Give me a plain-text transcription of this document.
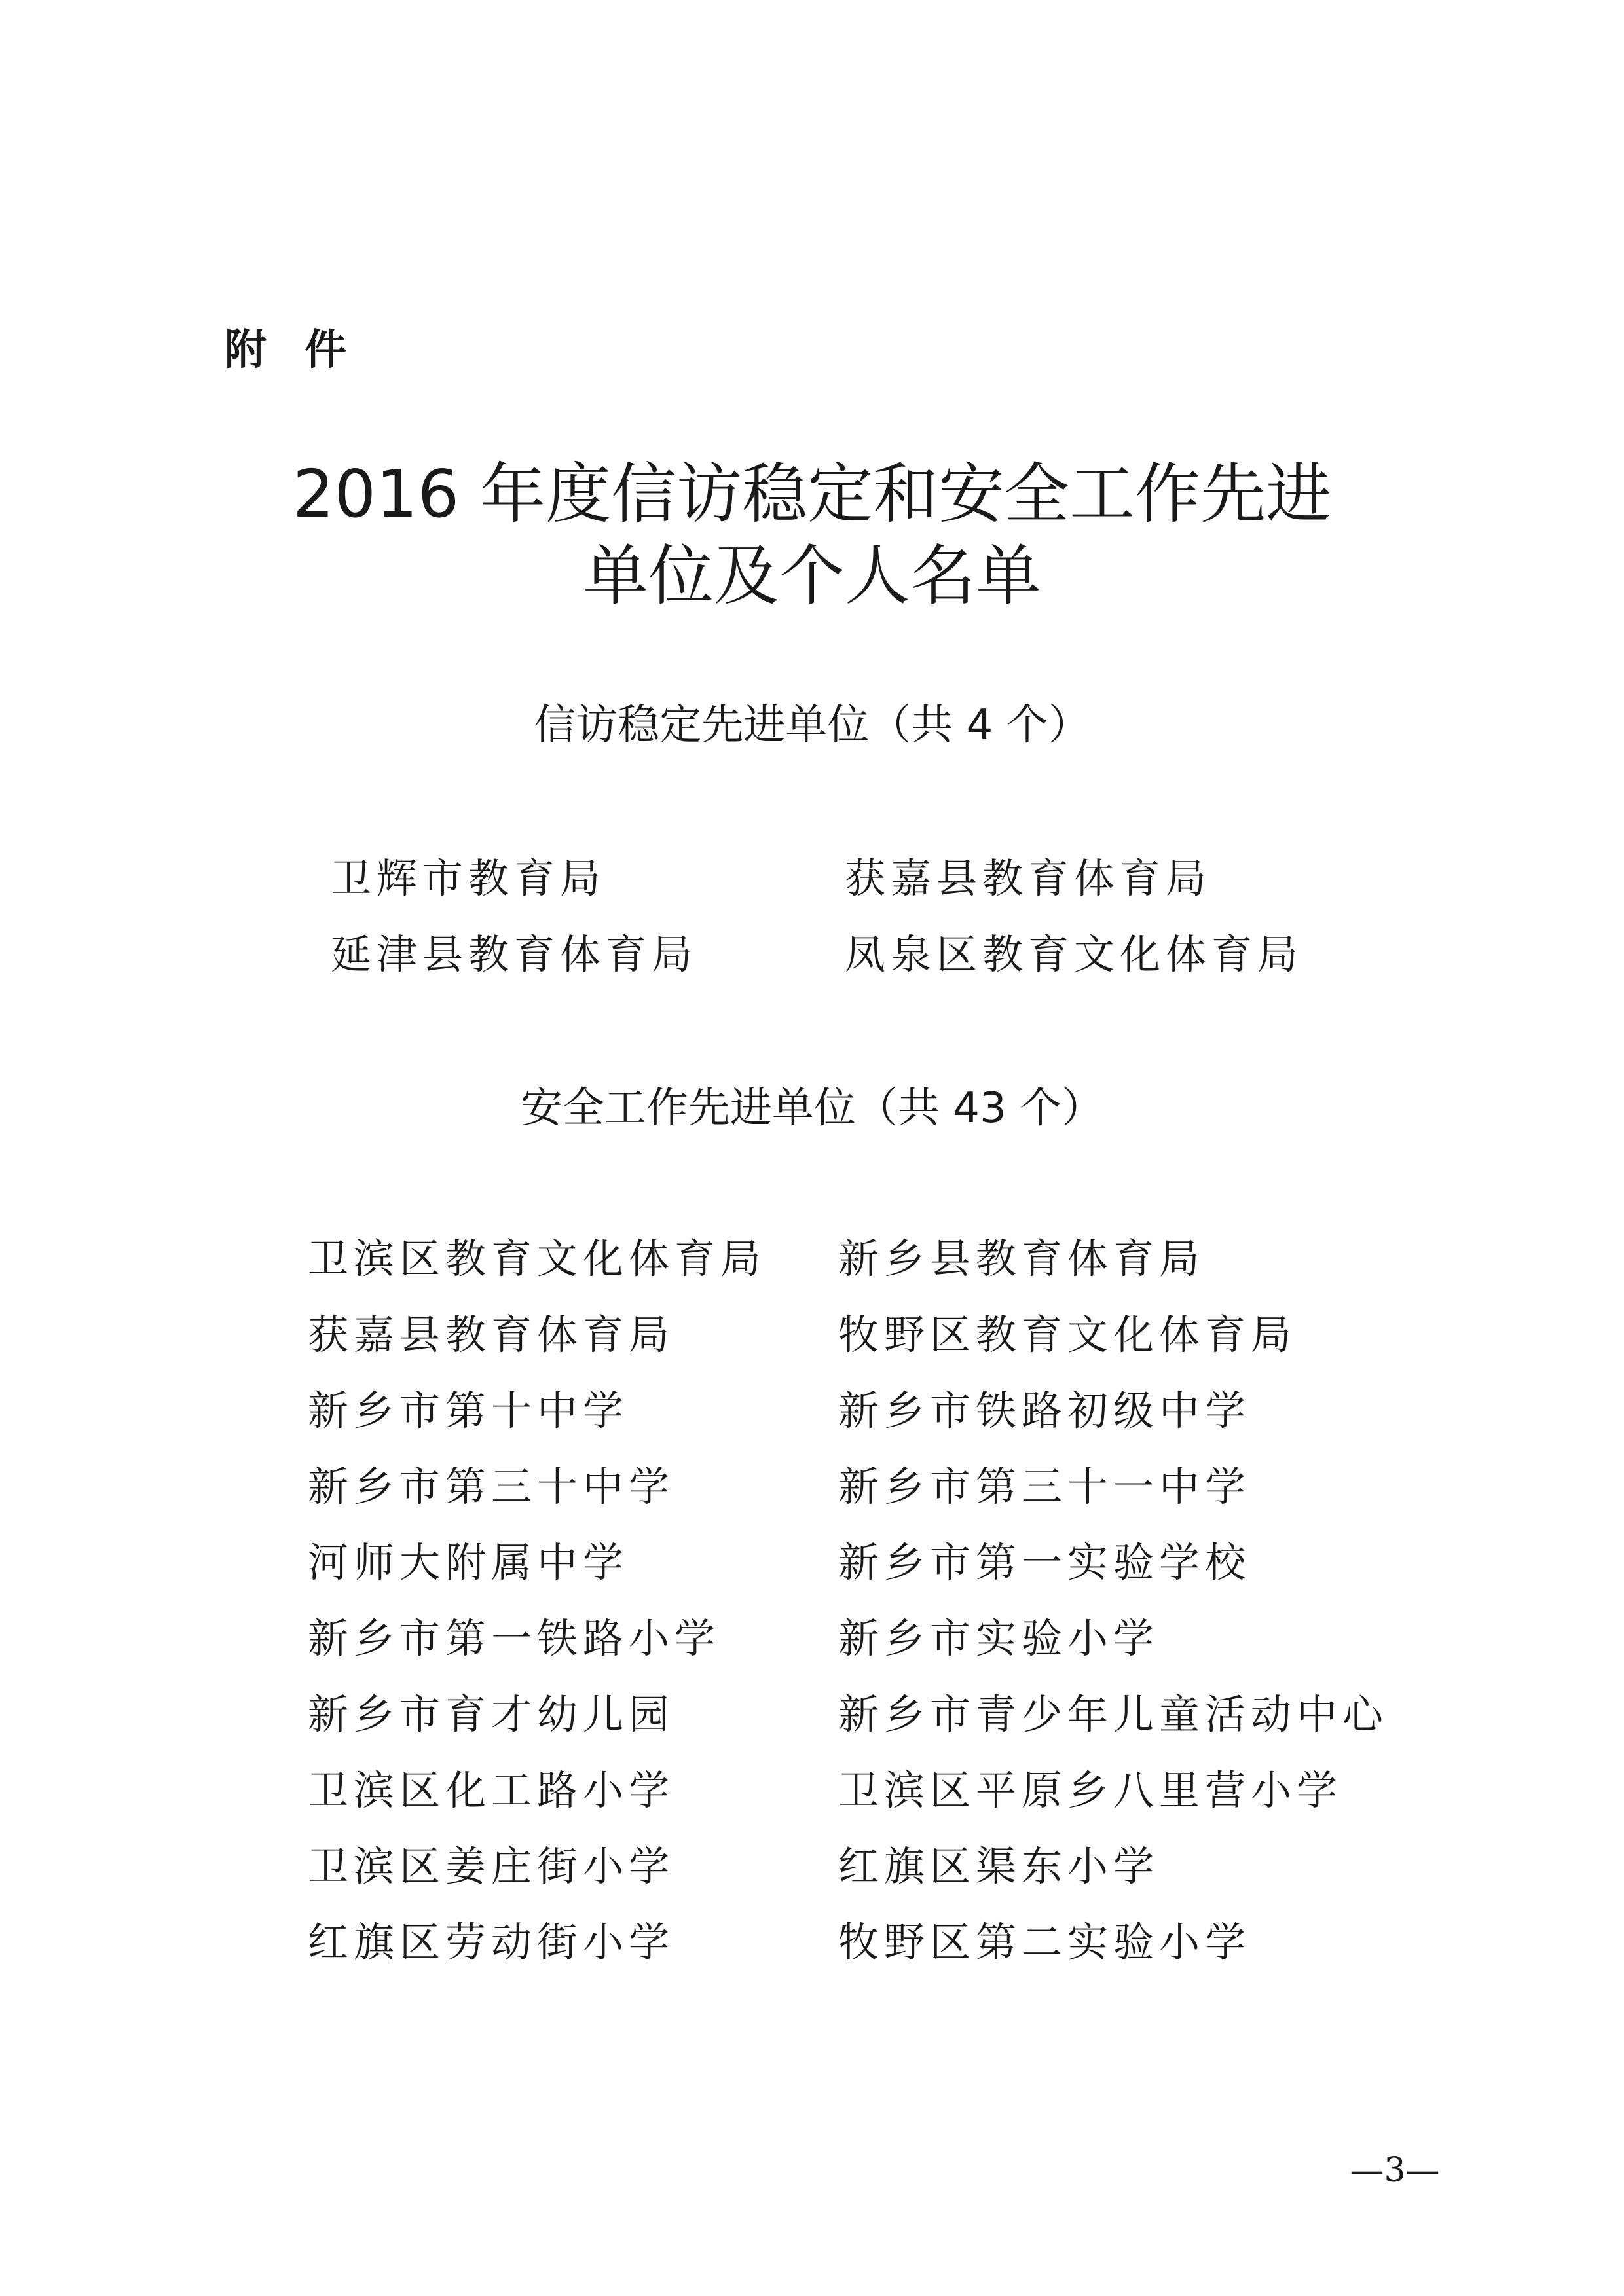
附件
2016 年度信访稳定和安全工作先进
单位及个人名单
信访稳定先进单位（共 4 个）
卫辉市教育局	获嘉县教育体育局
延津县教育体育局	凤泉区教育文化体育局
安全工作先进单位（共 43 个）
卫滨区教育文化体育局
获嘉县教育体育局
新乡市第十中学
新乡市第三十中学
河师大附属中学
新乡市第一铁路小学
新乡市育才幼儿园
卫滨区化工路小学
卫滨区姜庄街小学
红旗区劳动街小学
新乡县教育体育局
牧野区教育文化体育局
新乡市铁路初级中学
新乡市第三十一中学
新乡市第一实验学校
新乡市实验小学
新乡市青少年儿童活动中心
卫滨区平原乡八里营小学
红旗区渠东小学
牧野区第二实验小学
—3—
